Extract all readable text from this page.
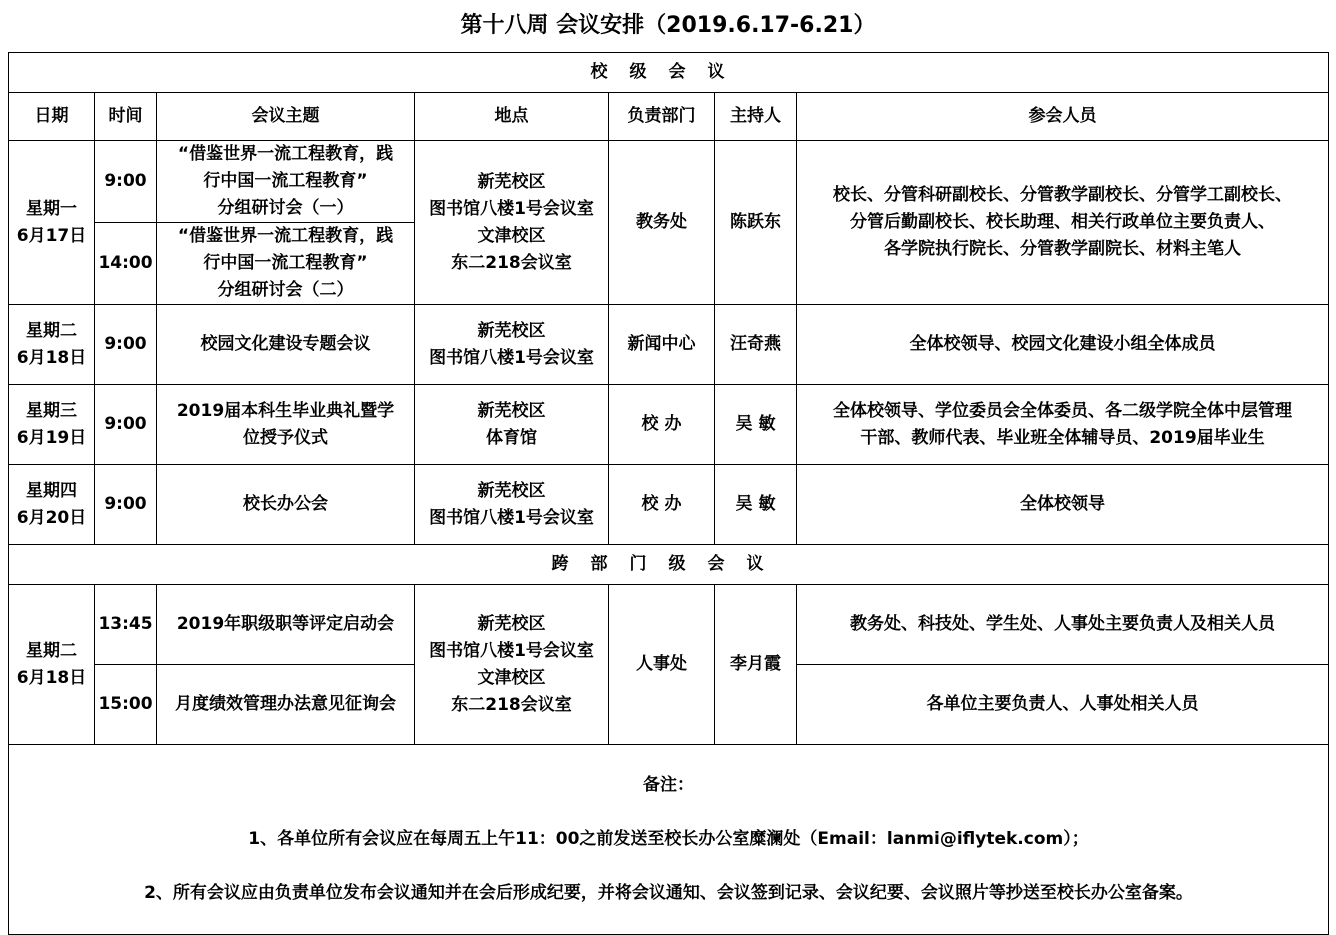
第十八周 会议安排（2019.6.17-6.21）
校级会议						
日期	时间	会议主题	地点	负责部门	主持人	参会人员
星期一
6月17日	9:00	“借鉴世界一流工程教育，践
行中国一流工程教育”
分组研讨会（一）	新芜校区
图书馆八楼1号会议室
文津校区
东二218会议室	教务处	陈跃东	校长、分管科研副校长、分管教学副校长、分管学工副校长、
分管后勤副校长、校长助理、相关行政单位主要负责人、
各学院执行院长、分管教学副院长、材料主笔人
	14:00	“借鉴世界一流工程教育，践
行中国一流工程教育”
分组研讨会（二）				
星期二
6月18日	9:00	校园文化建设专题会议	新芜校区
图书馆八楼1号会议室	新闻中心	汪奇燕	全体校领导、校园文化建设小组全体成员
星期三
6月19日	9:00	2019届本科生毕业典礼暨学
位授予仪式	新芜校区
体育馆	校 办	吴 敏	全体校领导、学位委员会全体委员、各二级学院全体中层管理
干部、教师代表、毕业班全体辅导员、2019届毕业生
星期四
6月20日	9:00	校长办公会	新芜校区
图书馆八楼1号会议室	校 办	吴 敏	全体校领导
跨部门级会议						
星期二
6月18日	13:45	2019年职级职等评定启动会	新芜校区
图书馆八楼1号会议室
文津校区
东二218会议室	人事处	李月霞	教务处、科技处、学生处、人事处主要负责人及相关人员
	15:00	月度绩效管理办法意见征询会				各单位主要负责人、人事处相关人员

备注：

1、各单位所有会议应在每周五上午11：00之前发送至校长办公室糜澜处（Email：lanmi@iflytek.com）；

2、所有会议应由负责单位发布会议通知并在会后形成纪要，并将会议通知、会议签到记录、会议纪要、会议照片等抄送至校长办公室备案。						
